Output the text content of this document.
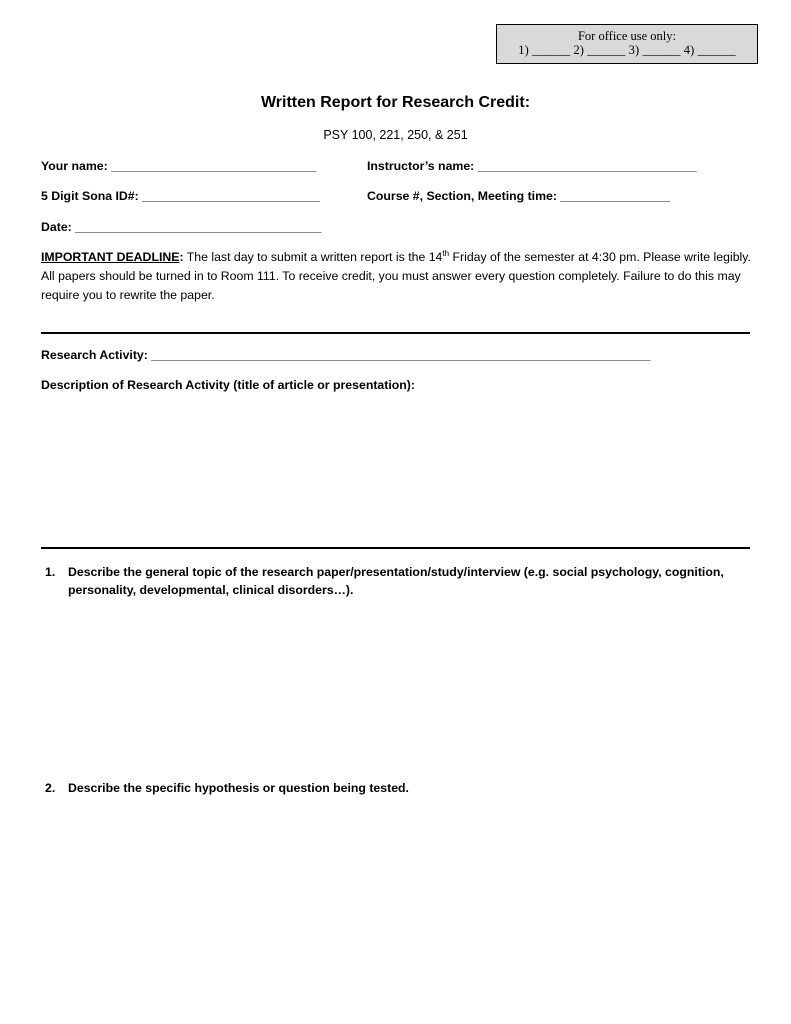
For office use only:
1) ______ 2) ______ 3) ______ 4) ______
Written Report for Research Credit:
PSY 100, 221, 250, & 251
Your name: ______________________________	Instructor’s name: ________________________________
5 Digit Sona ID#: __________________________	Course #, Section, Meeting time: ________________
Date: ____________________________________
IMPORTANT DEADLINE: The last day to submit a written report is the 14th Friday of the semester at 4:30 pm. Please write legibly. All papers should be turned in to Room 111. To receive credit, you must answer every question completely. Failure to do this may require you to rewrite the paper.
Research Activity: _________________________________________________________________________
Description of Research Activity (title of article or presentation):
1. Describe the general topic of the research paper/presentation/study/interview (e.g. social psychology, cognition, personality, developmental, clinical disorders…).
2. Describe the specific hypothesis or question being tested.
